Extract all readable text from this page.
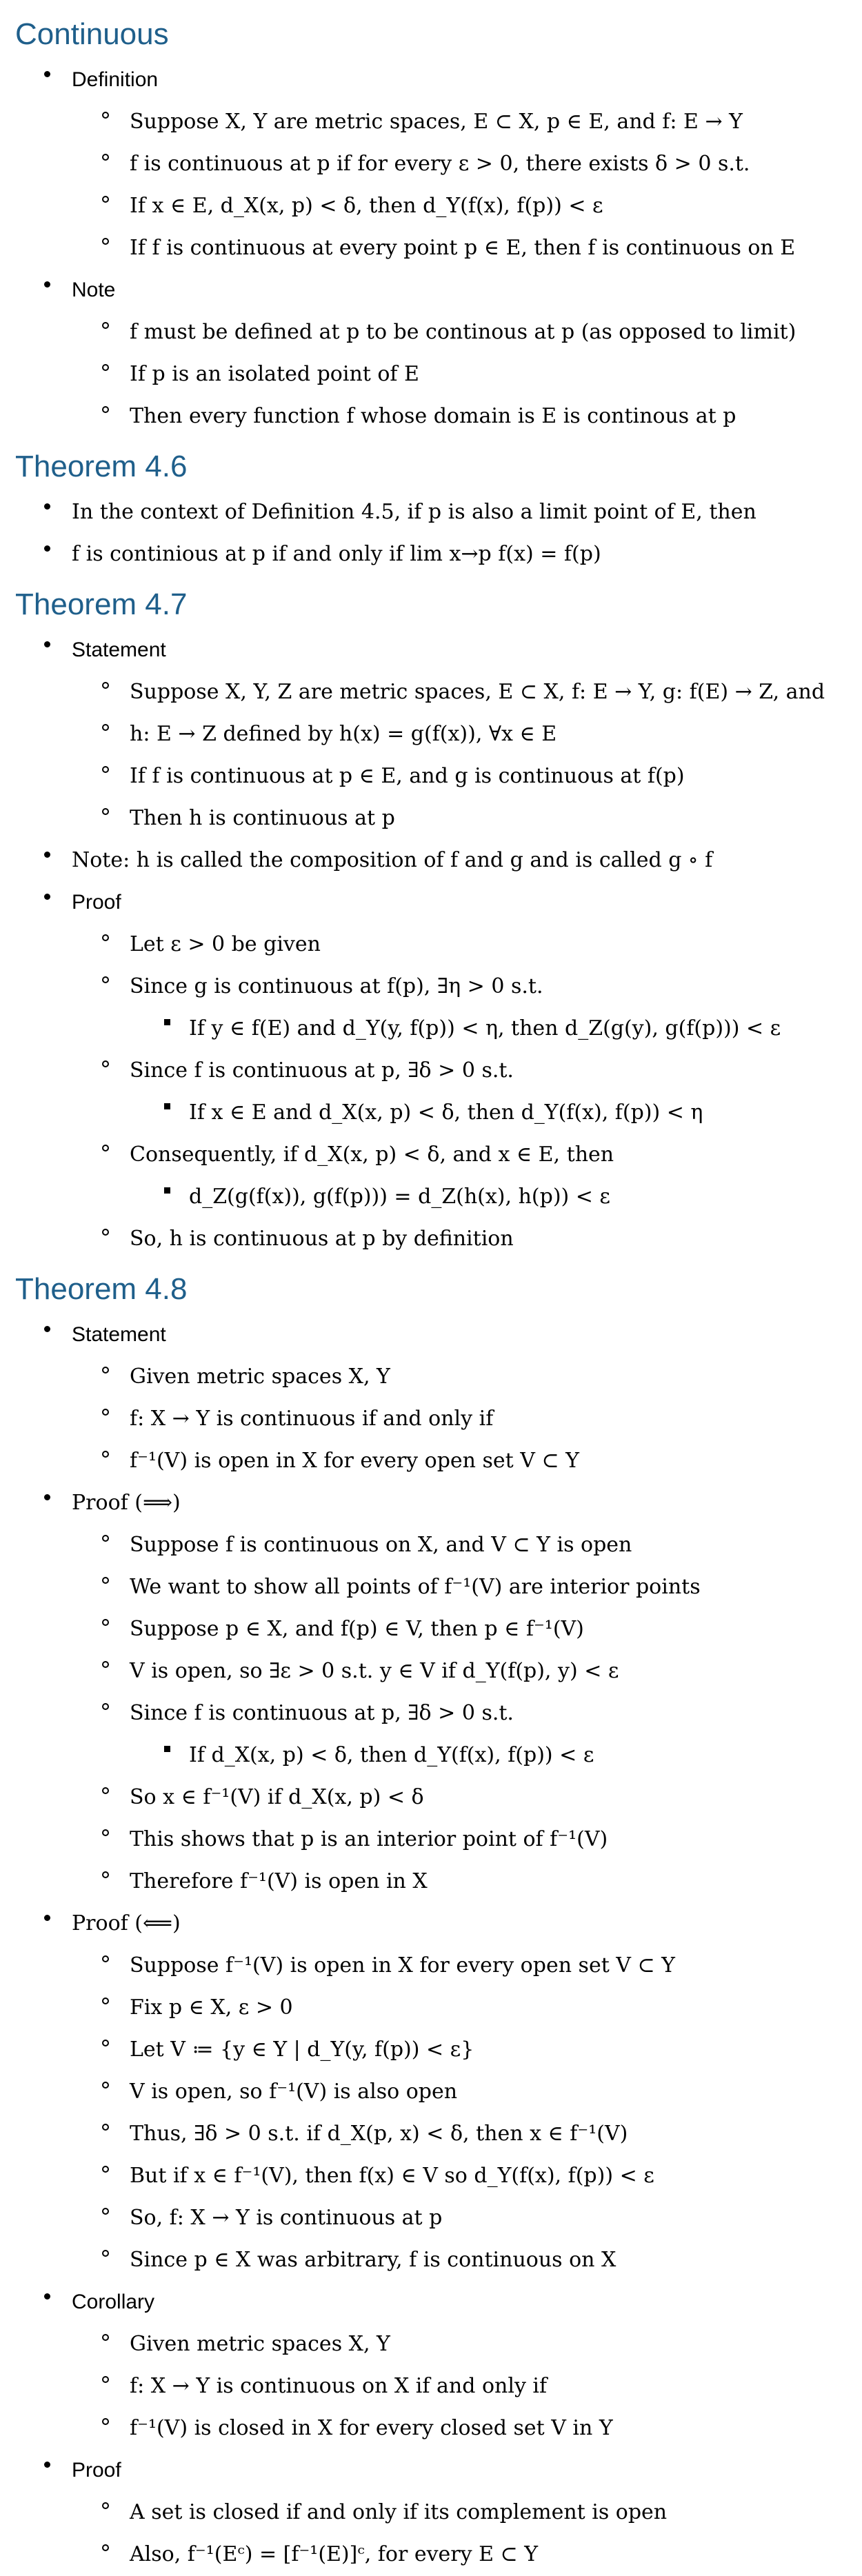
Continuous
Definition
Suppose X, Y are metric spaces, E ⊂ X, p ∈ E, and f: E → Y
f is continuous at p if for every ε > 0, there exists δ > 0 s.t.
If x ∈ E, d_X(x, p) < δ, then d_Y(f(x), f(p)) < ε
If f is continuous at every point p ∈ E, then f is continuous on E
Note
f must be defined at p to be continous at p (as opposed to limit)
If p is an isolated point of E
Then every function f whose domain is E is continous at p
Theorem 4.6
In the context of Definition 4.5, if p is also a limit point of E, then
f is continious at p if and only if lim x→p f(x) = f(p)
Theorem 4.7
Statement
Suppose X, Y, Z are metric spaces, E ⊂ X, f: E → Y, g: f(E) → Z, and
h: E → Z defined by h(x) = g(f(x)), ∀x ∈ E
If f is continuous at p ∈ E, and g is continuous at f(p)
Then h is continuous at p
Note: h is called the composition of f and g and is called g ∘ f
Proof
Let ε > 0 be given
Since g is continuous at f(p), ∃η > 0 s.t.
If y ∈ f(E) and d_Y(y, f(p)) < η, then d_Z(g(y), g(f(p))) < ε
Since f is continuous at p, ∃δ > 0 s.t.
If x ∈ E and d_X(x, p) < δ, then d_Y(f(x), f(p)) < η
Consequently, if d_X(x, p) < δ, and x ∈ E, then
d_Z(g(f(x)), g(f(p))) = d_Z(h(x), h(p)) < ε
So, h is continuous at p by definition
Theorem 4.8
Statement
Given metric spaces X, Y
f: X → Y is continuous if and only if
f⁻¹(V) is open in X for every open set V ⊂ Y
Proof (⟹)
Suppose f is continuous on X, and V ⊂ Y is open
We want to show all points of f⁻¹(V) are interior points
Suppose p ∈ X, and f(p) ∈ V, then p ∈ f⁻¹(V)
V is open, so ∃ε > 0 s.t. y ∈ V if d_Y(f(p), y) < ε
Since f is continuous at p, ∃δ > 0 s.t.
If d_X(x, p) < δ, then d_Y(f(x), f(p)) < ε
So x ∈ f⁻¹(V) if d_X(x, p) < δ
This shows that p is an interior point of f⁻¹(V)
Therefore f⁻¹(V) is open in X
Proof (⟸)
Suppose f⁻¹(V) is open in X for every open set V ⊂ Y
Fix p ∈ X, ε > 0
Let V ≔ {y ∈ Y | d_Y(y, f(p)) < ε}
V is open, so f⁻¹(V) is also open
Thus, ∃δ > 0 s.t. if d_X(p, x) < δ, then x ∈ f⁻¹(V)
But if x ∈ f⁻¹(V), then f(x) ∈ V so d_Y(f(x), f(p)) < ε
So, f: X → Y is continuous at p
Since p ∈ X was arbitrary, f is continuous on X
Corollary
Given metric spaces X, Y
f: X → Y is continuous on X if and only if
f⁻¹(V) is closed in X for every closed set V in Y
Proof
A set is closed if and only if its complement is open
Also, f⁻¹(Eᶜ) = [f⁻¹(E)]ᶜ, for every E ⊂ Y
